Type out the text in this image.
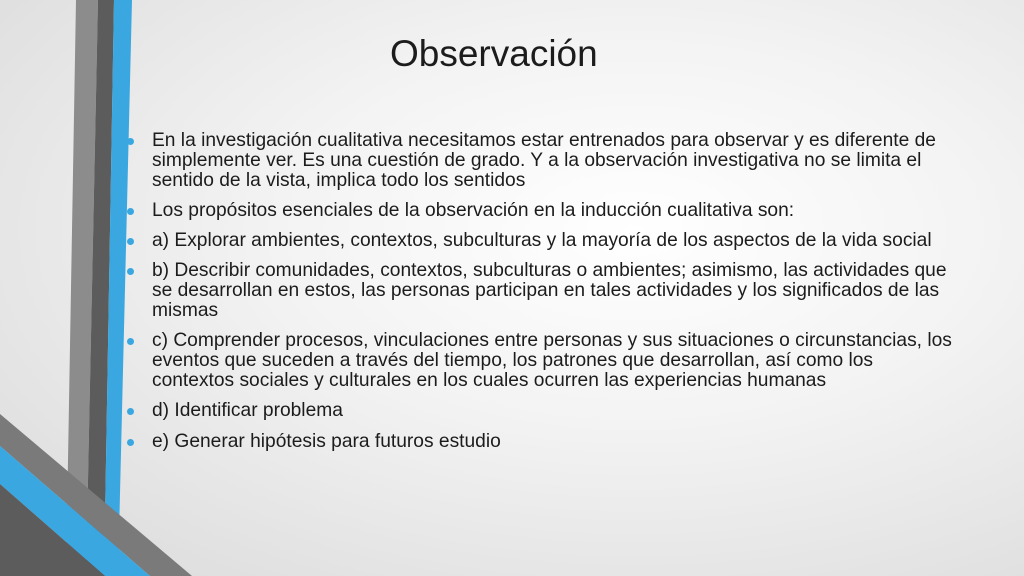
Observación
En la investigación cualitativa necesitamos estar entrenados para observar y es diferente de simplemente ver. Es una cuestión de grado. Y a la observación investigativa no se limita el sentido de la vista, implica todo los sentidos
Los propósitos esenciales de la observación en la inducción cualitativa son:
a) Explorar ambientes, contextos, subculturas y la mayoría de los aspectos de la vida social
b) Describir comunidades, contextos, subculturas o ambientes; asimismo, las actividades que se desarrollan en estos, las personas participan en tales actividades y los significados de las mismas
c) Comprender procesos, vinculaciones entre personas y sus situaciones o circunstancias, los eventos que suceden a través del tiempo, los patrones que desarrollan, así como los contextos sociales y culturales en los cuales ocurren las experiencias humanas
d) Identificar problema
e) Generar hipótesis para futuros estudio
